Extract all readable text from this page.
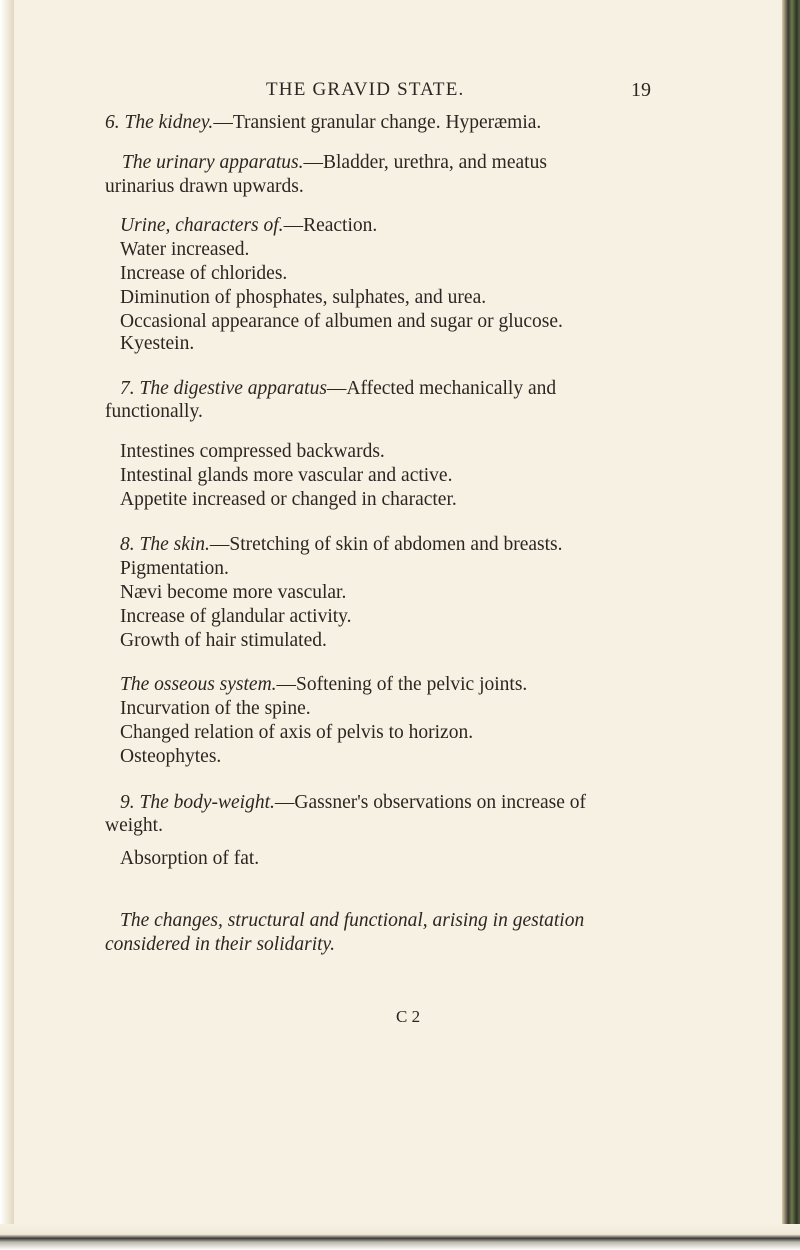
THE GRAVID STATE.	19
6. The kidney.—Transient granular change. Hyperæmia.
The urinary apparatus.—Bladder, urethra, and meatus
urinarius drawn upwards.
Urine, characters of.—Reaction.
Water increased.
Increase of chlorides.
Diminution of phosphates, sulphates, and urea.
Occasional appearance of albumen and sugar or glucose.
Kyestein.
7. The digestive apparatus—Affected mechanically and
functionally.
Intestines compressed backwards.
Intestinal glands more vascular and active.
Appetite increased or changed in character.
8. The skin.—Stretching of skin of abdomen and breasts.
Pigmentation.
Nævi become more vascular.
Increase of glandular activity.
Growth of hair stimulated.
The osseous system.—Softening of the pelvic joints.
Incurvation of the spine.
Changed relation of axis of pelvis to horizon.
Osteophytes.
9. The body-weight.—Gassner's observations on increase of
weight.
Absorption of fat.
The changes, structural and functional, arising in gestation
considered in their solidarity.
C 2
